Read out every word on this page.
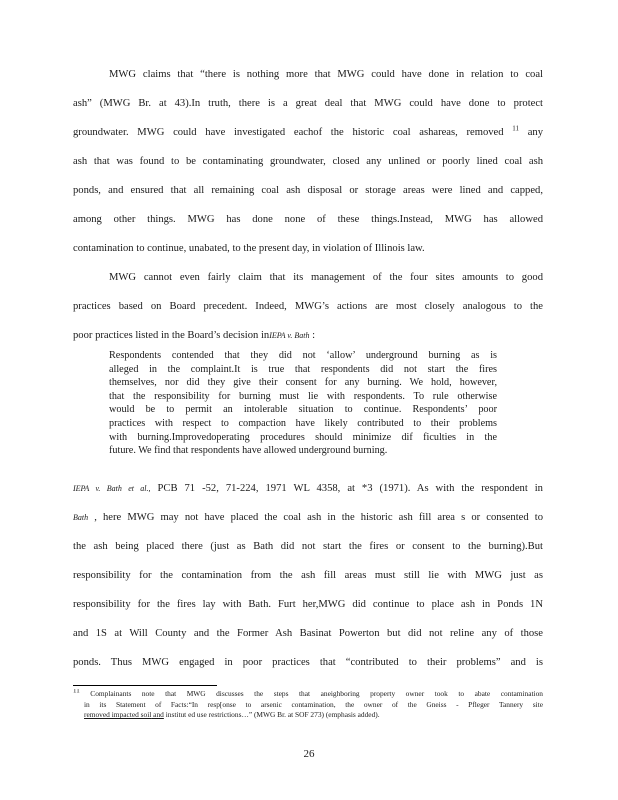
MWG claims that “there is nothing more that MWG could have done in relation to coal
ash” (MWG Br. at 43).In truth, there is a great deal that MWG could have done to protect
groundwater. MWG could have investigated eachof the historic coal ashareas, removed $^{11}$ any
ash that was found to be contaminating groundwater, closed any unlined or poorly lined coal ash
ponds, and ensured that all remaining coal ash disposal or storage areas were lined and capped,
among other things. MWG has done none of these things.Instead, MWG has allowed
contamination to continue, unabated, to the present day, in violation of Illinois law.
MWG cannot even fairly claim that its management of the four sites amounts to good
practices based on Board precedent. Indeed, MWG’s actions are most closely analogous to the
poor practices listed in the Board’s decision inIEPA v. Bath :
Respondents contended that they did not ‘allow’ underground burning as is
alleged in the complaint.It is true that respondents did not start the fires
themselves, nor did they give their consent for any burning. We hold, however,
that the responsibility for burning must lie with respondents. To rule otherwise
would be to permit an intolerable situation to continue. Respondents’ poor
practices with respect to compaction have likely contributed to their problems
with burning.Improvedoperating procedures should minimize dif ficulties in the
future. We find that respondents have allowed underground burning.
IEPA v. Bath et al., PCB 71 -52, 71-224, 1971 WL 4358, at *3 (1971). As with the respondent in
Bath , here MWG may not have placed the coal ash in the historic ash fill area s or consented to
the ash being placed there (just as Bath did not start the fires or consent to the burning).But
responsibility for the contamination from the ash fill areas must still lie with MWG just as
responsibility for the fires lay with Bath. Furt her,MWG did continue to place ash in Ponds 1N
and 1S at Will County and the Former Ash Basinat Powerton but did not reline any of those
ponds. Thus MWG engaged in poor practices that “contributed to their problems” and is
$^{11}$ Complainants note that MWG discusses the steps that aneighboring property owner took to abate contamination
in its Statement of Facts:“In resp[onse to arsenic contamination, the owner of the Gneiss - Pfleger Tannery site
removed impacted soil and institut ed use restrictions…” (MWG Br. at SOF 273) (emphasis added).
26
